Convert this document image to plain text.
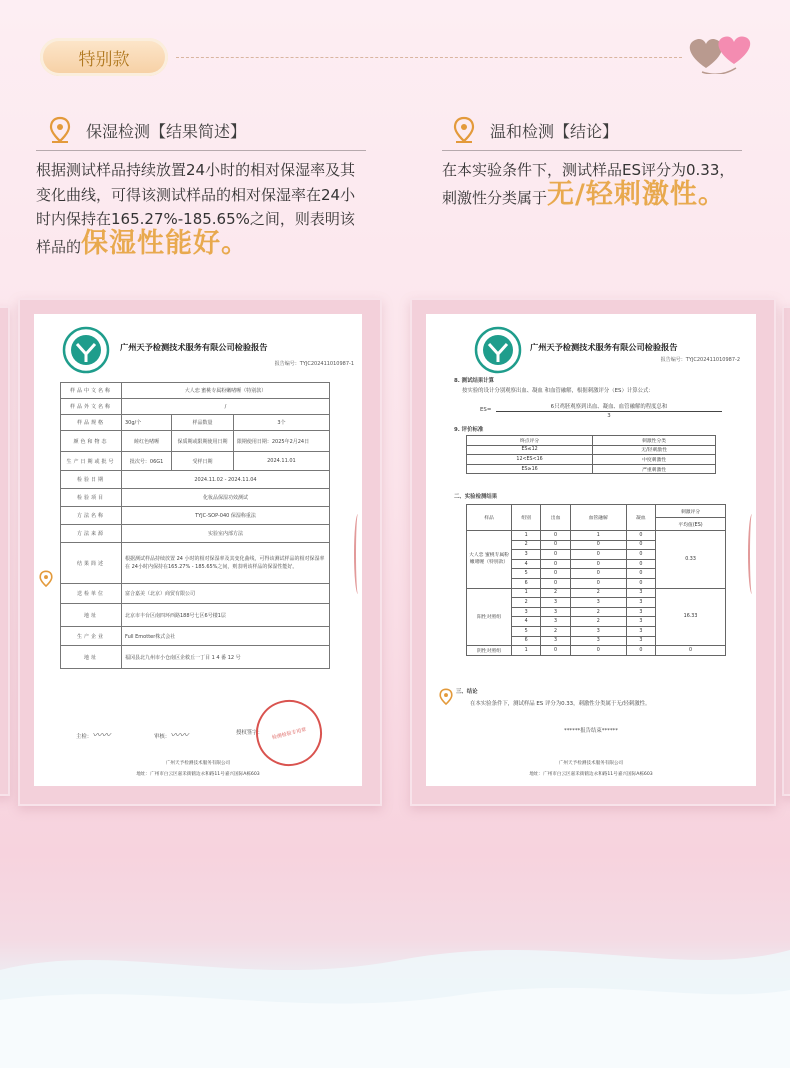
特别款
保湿检测【结果简述】
根据测试样品持续放置24小时的相对保湿率及其变化曲线，可得该测试样品的相对保湿率在24小时内保持在165.27%-185.65%之间，则表明该样品的保湿性能好。
温和检测【结论】
在本实验条件下，测试样品ES评分为0.33，刺激性分类属于无/轻刺激性。
广州天予检测技术服务有限公司检验报告
报告编号：TYJC202411010987-1
样品中文名称	大人恋 蜜桃专属粉嫩啫喱（特别款）		
样品外文名称	/		
样品规格	30g/个	样品数量	3个
颜色和物态	鲑红色啫喱	保质期或限期使用日期	限期使用日期：2025年2月24日
生产日期或批号	批次号：06G1	受样日期	2024.11.01
检验日期	2024.11.02 - 2024.11.04		
检验项目	化妆品保湿功效测试		
方法名称	TYJC-SOP-040 保湿称重法		
方法来源	实验室内部方法		
结果简述	根据测试样品持续放置 24 小时的相对保湿率及其变化曲线，可得该测试样品的相对保湿率在 24小时内保持在165.27% - 185.65%之间，则表明该样品的保湿性能好。		
送检单位	富合嘉美（北京）商贸有限公司		
地址	北京市丰台区南四环西路188号七区6号楼1层		
生产企业	Full Emotter株式会社		
地址	福冈县北九州市小仓南区企救丘一丁目 1 4 番 12 号		
主检：〰〰	审核：〰〰	授权签字： 检测检验专用章
广州天予检测技术服务有限公司
地址：广州市白云区嘉禾街鹤边永和路11号嘉兴国际A栋603
广州天予检测技术服务有限公司检验报告
报告编号：TYJC202411010987-2
8. 测试结果计算
按实验的设计分别观察出血、凝血 和血管融解，根据刺激评分（ES）计算公式：
ES=	6只鸡胚观察到出血、凝血、血管融解的程度总和
3
9. 评价标准
终点评分	刺激性分类
ES≤12	无/轻刺激性
12<ES<16	中度刺激性
ES≥16	严重刺激性
二、实验检测结果
样品	组别	出血	血管融解	凝血	刺激评分
					平均值(ES)
大人恋 蜜桃专属粉嫩啫喱（特别款）	1	0	1	0	0.33
	2	0	0	0	
	3	0	0	0	
	4	0	0	0	
	5	0	0	0	
	6	0	0	0	
阳性对照组	1	2	2	3	16.33
	2	3	3	3	
	3	3	2	3	
	4	3	2	3	
	5	2	3	3	
	6	3	3	3	
阴性对照组	1	0	0	0	0
三、结论
在本实验条件下，测试样品 ES 评分为0.33，刺激性分类属于无/轻刺激性。
******报告结束******
广州天予检测技术服务有限公司
地址：广州市白云区嘉禾街鹤边永和路11号嘉兴国际A栋603
